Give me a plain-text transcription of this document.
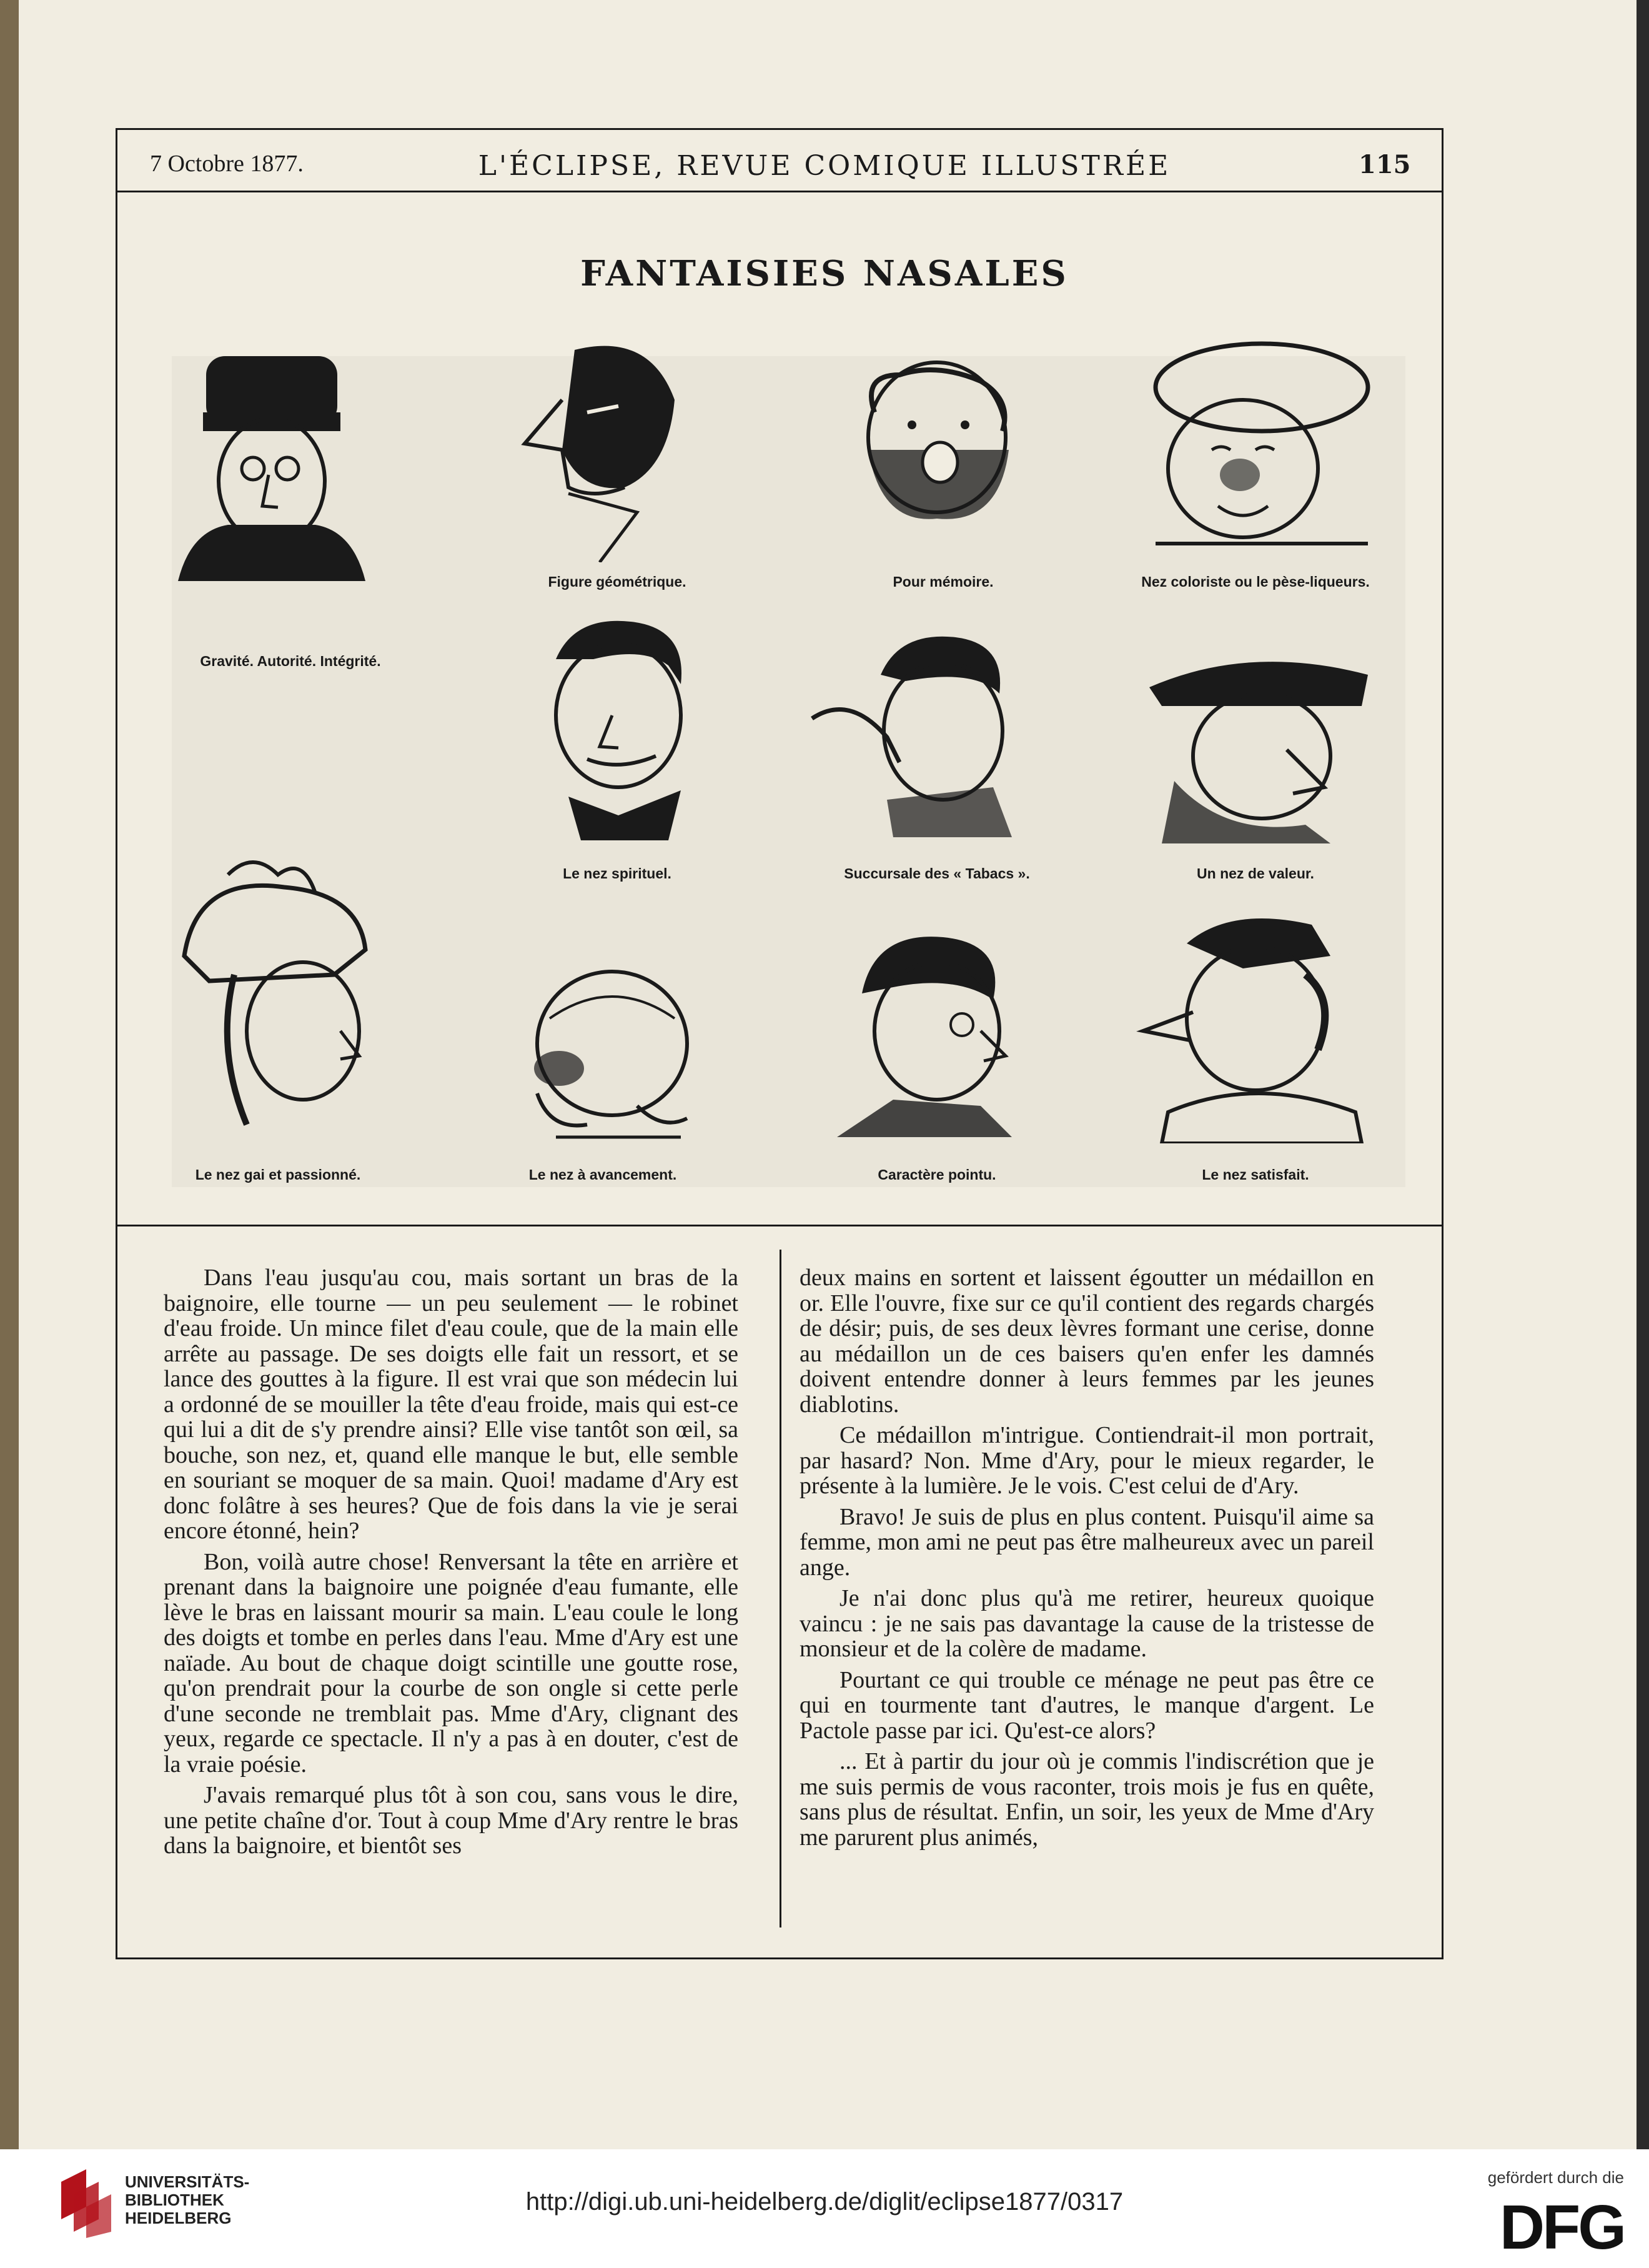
7 Octobre 1877.	L'ÉCLIPSE, REVUE COMIQUE ILLUSTRÉE	115
FANTAISIES NASALES
Gravité. Autorité. Intégrité.
Figure géométrique.	Pour mémoire.	Nez coloriste ou le pèse-liqueurs.
Le nez spirituel.	Succursale des « Tabacs ».	Un nez de valeur.
Le nez gai et passionné.	Le nez à avancement.	Caractère pointu.	Le nez satisfait.

Dans l'eau jusqu'au cou, mais sortant un bras de la baignoire, elle tourne — un peu seulement — le robinet d'eau froide. Un mince filet d'eau coule, que de la main elle arrête au passage. De ses doigts elle fait un ressort, et se lance des gouttes à la figure. Il est vrai que son médecin lui a ordonné de se mouiller la tête d'eau froide, mais qui est-ce qui lui a dit de s'y prendre ainsi? Elle vise tantôt son œil, sa bouche, son nez, et, quand elle manque le but, elle semble en souriant se moquer de sa main. Quoi! madame d'Ary est donc folâtre à ses heures? Que de fois dans la vie je serai encore étonné, hein?

Bon, voilà autre chose! Renversant la tête en arrière et prenant dans la baignoire une poignée d'eau fumante, elle lève le bras en laissant mourir sa main. L'eau coule le long des doigts et tombe en perles dans l'eau. Mme d'Ary est une naïade. Au bout de chaque doigt scintille une goutte rose, qu'on prendrait pour la courbe de son ongle si cette perle d'une seconde ne tremblait pas. Mme d'Ary, clignant des yeux, regarde ce spectacle. Il n'y a pas à en douter, c'est de la vraie poésie.

J'avais remarqué plus tôt à son cou, sans vous le dire, une petite chaîne d'or. Tout à coup Mme d'Ary rentre le bras dans la baignoire, et bientôt ses

deux mains en sortent et laissent égoutter un médaillon en or. Elle l'ouvre, fixe sur ce qu'il contient des regards chargés de désir; puis, de ses deux lèvres formant une cerise, donne au médaillon un de ces baisers qu'en enfer les damnés doivent entendre donner à leurs femmes par les jeunes diablotins.

Ce médaillon m'intrigue. Contiendrait-il mon portrait, par hasard? Non. Mme d'Ary, pour le mieux regarder, le présente à la lumière. Je le vois. C'est celui de d'Ary.

Bravo! Je suis de plus en plus content. Puisqu'il aime sa femme, mon ami ne peut pas être malheureux avec un pareil ange.

Je n'ai donc plus qu'à me retirer, heureux quoique vaincu : je ne sais pas davantage la cause de la tristesse de monsieur et de la colère de madame.

Pourtant ce qui trouble ce ménage ne peut pas être ce qui en tourmente tant d'autres, le manque d'argent. Le Pactole passe par ici. Qu'est-ce alors?

... Et à partir du jour où je commis l'indiscrétion que je me suis permis de vous raconter, trois mois je fus en quête, sans plus de résultat. Enfin, un soir, les yeux de Mme d'Ary me parurent plus animés,

UNIVERSITÄTS-
BIBLIOTHEK
HEIDELBERG
http://digi.ub.uni-heidelberg.de/diglit/eclipse1877/0317
gefördert durch die
DFG
